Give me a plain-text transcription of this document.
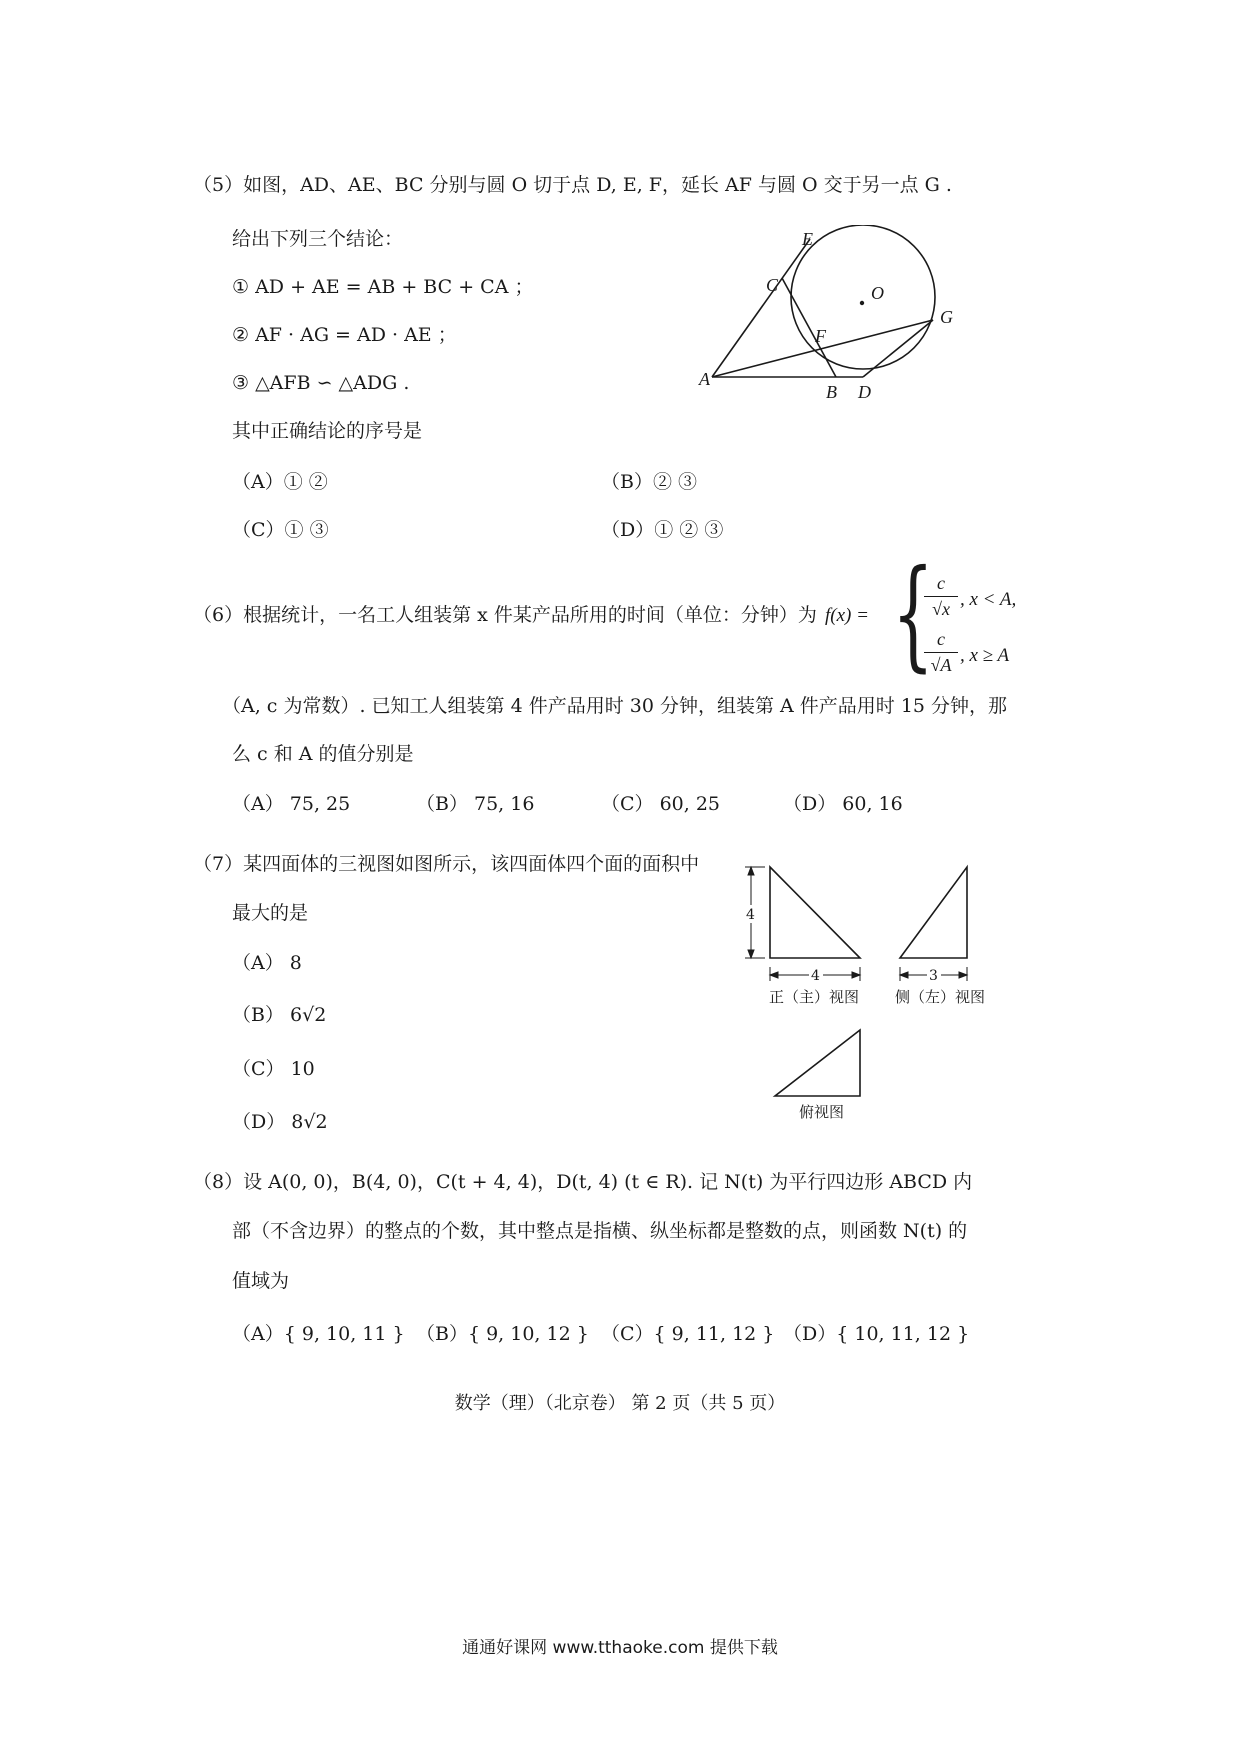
（5）如图，AD、AE、BC 分别与圆 O 切于点 D, E, F，延长 AF 与圆 O 交于另一点 G .
给出下列三个结论：
① AD + AE = AB + BC + CA ；
② AF · AG = AD · AE ；
③ △AFB ∽ △ADG .
其中正确结论的序号是
（A）① ②	（B）② ③
（C）① ③	（D）① ② ③
E
C	O
G
F
A
B D
（6）根据统计，一名工人组装第 x 件某产品所用的时间（单位：分钟）为 f(x) = {
$\frac{c}{√x}$ , x < A,
$\frac{c}{√A}$ , x ≥ A
（A, c 为常数）. 已知工人组装第 4 件产品用时 30 分钟，组装第 A 件产品用时 15 分钟，那
么 c 和 A 的值分别是
（A） 75, 25	（B） 75, 16	（C） 60, 25	（D） 60, 16
（7）某四面体的三视图如图所示，该四面体四个面的面积中
最大的是
（A） 8
（B） 6√2
（C） 10
（D） 8√2
4
4	3
正（主）视图 侧（左）视图
俯视图
（8）设 A(0, 0)，B(4, 0)，C(t + 4, 4)，D(t, 4) (t ∈ R). 记 N(t) 为平行四边形 ABCD 内
部（不含边界）的整点的个数，其中整点是指横、纵坐标都是整数的点，则函数 N(t) 的
值域为
（A）{ 9, 10, 11 } （B）{ 9, 10, 12 } （C）{ 9, 11, 12 } （D）{ 10, 11, 12 }
数学（理）（北京卷） 第 2 页（共 5 页）
通通好课网 www.tthaoke.com 提供下载
